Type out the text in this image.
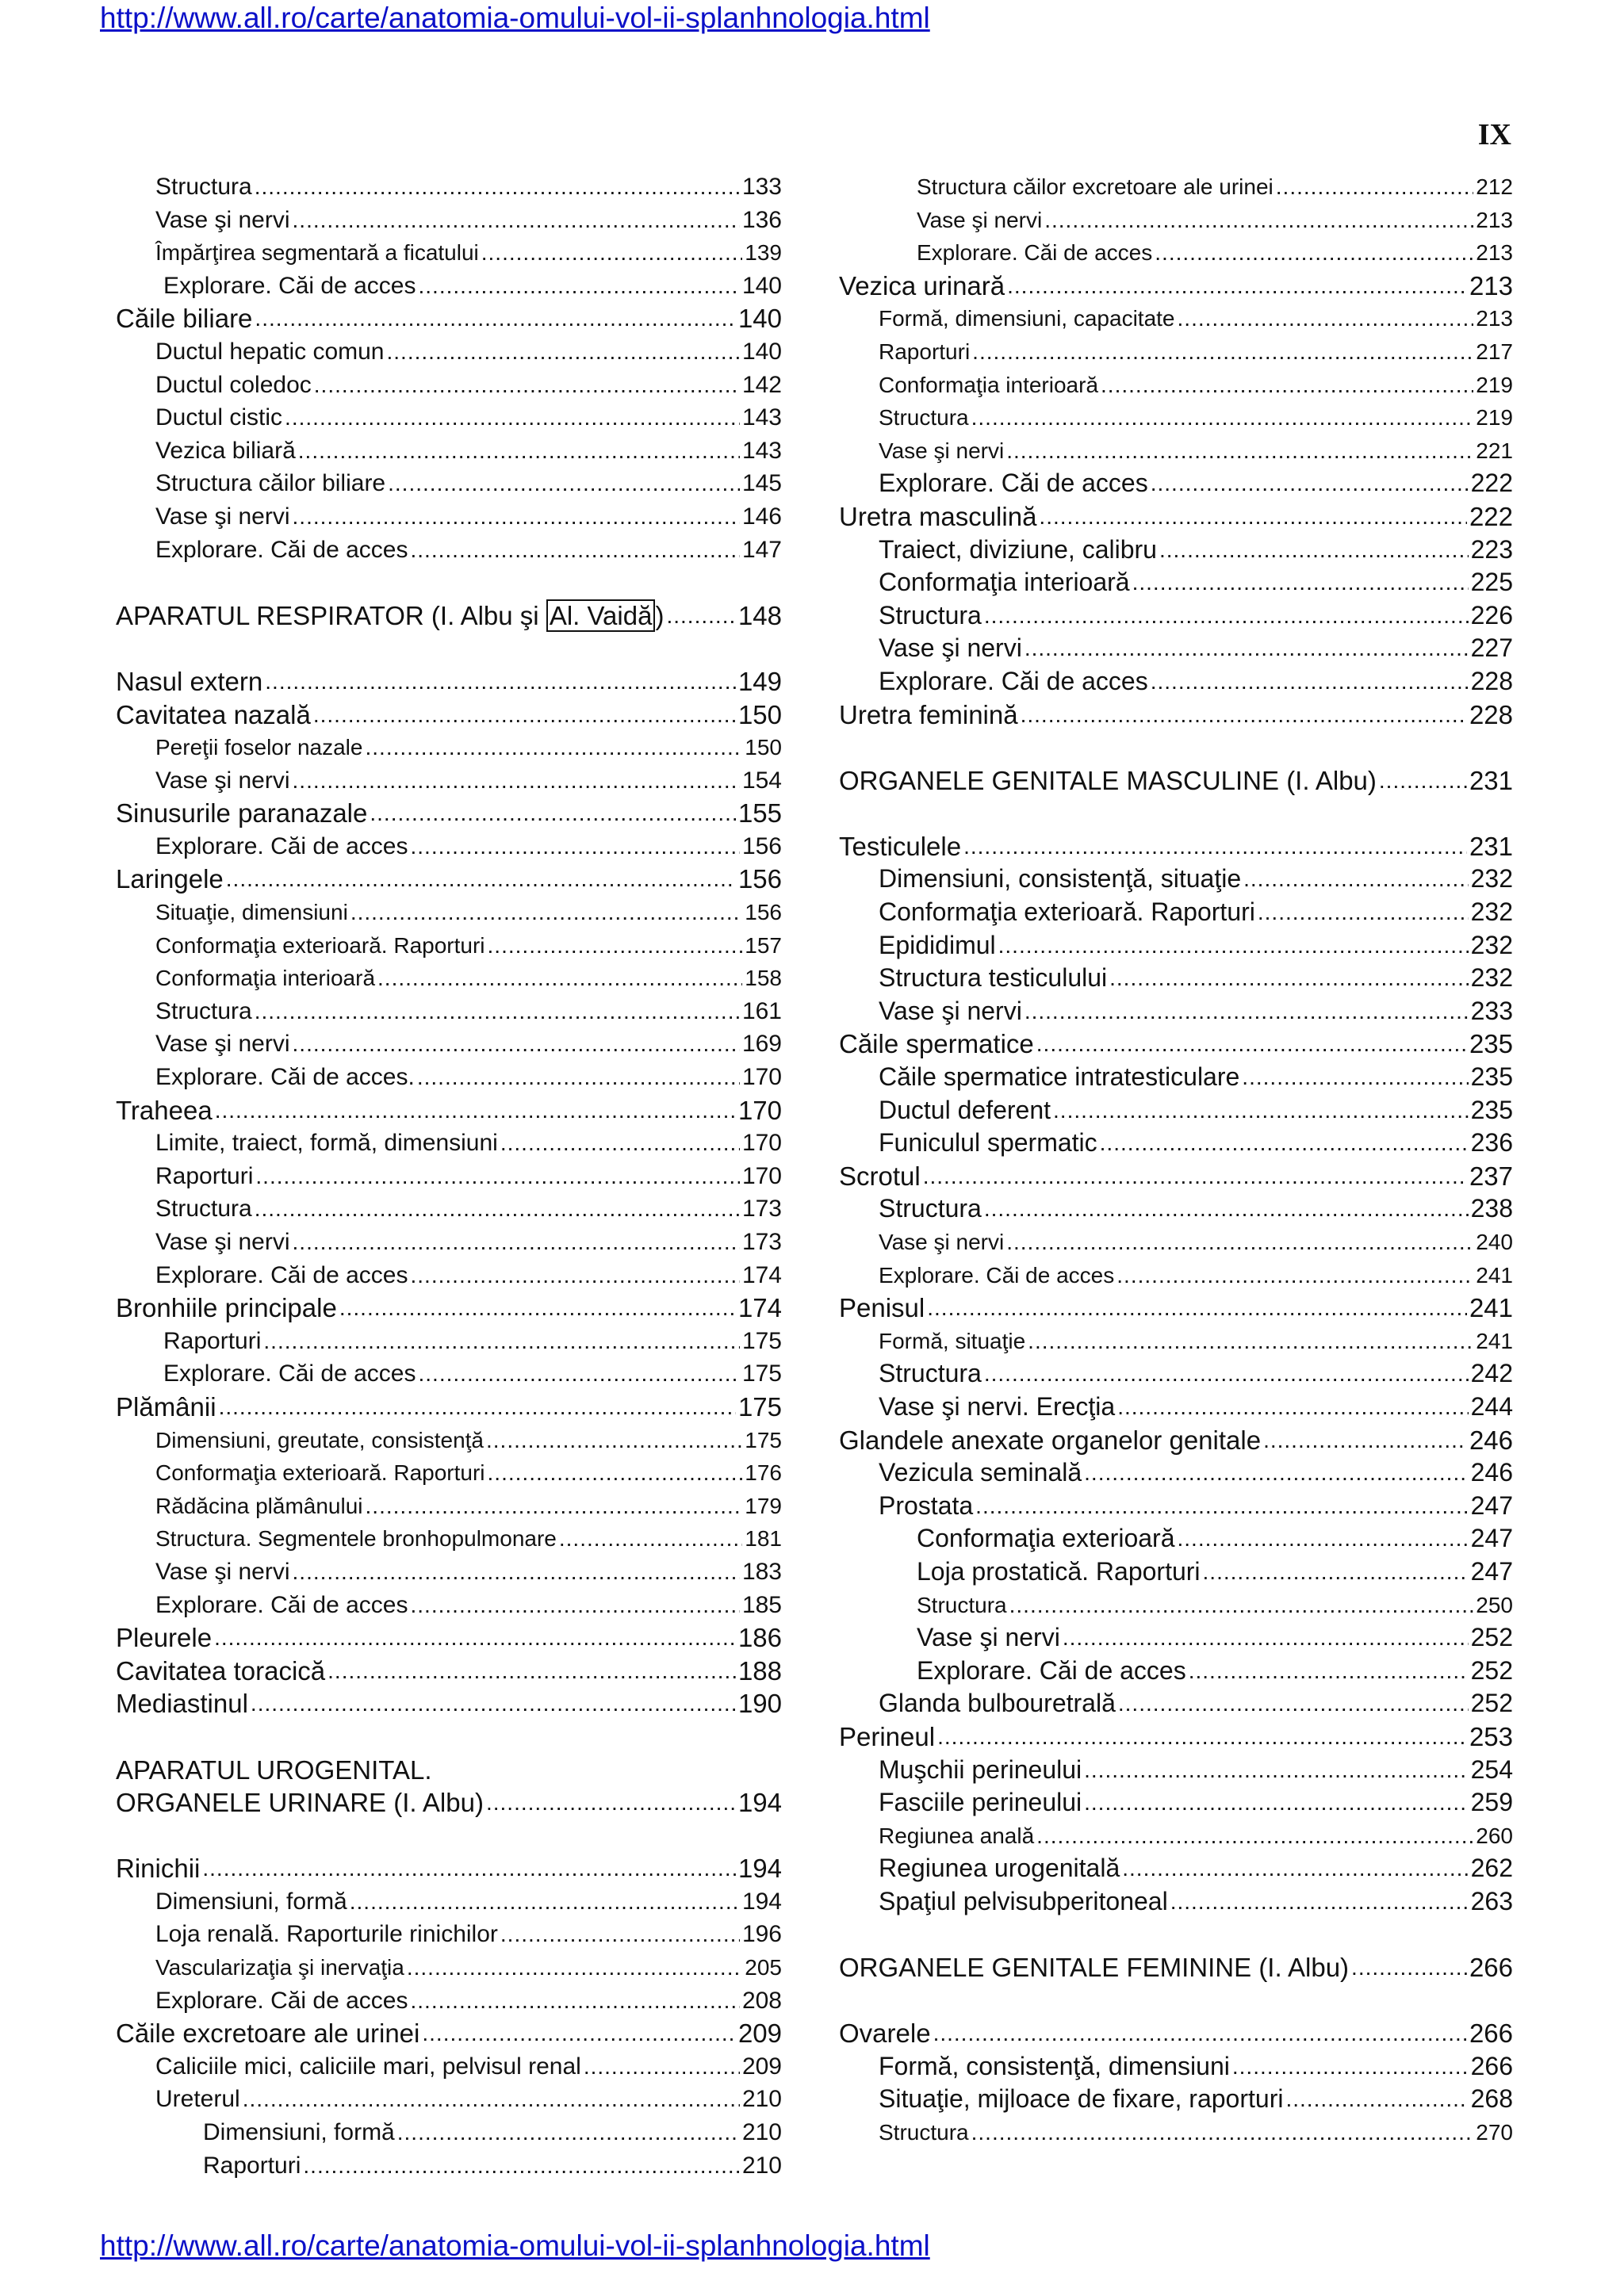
http://www.all.ro/carte/anatomia-omului-vol-ii-splanhnologia.html
IX
Structura .....	133
Vase şi nervi .....	136
Împărţirea segmentară a ficatului .....	139
Explorare. Căi de acces .....	140
Căile biliare .....	140
Ductul hepatic comun .....	140
Ductul coledoc .....	142
Ductul cistic .....	143
Vezica biliară .....	143
Structura căilor biliare .....	145
Vase şi nervi .....	146
Explorare. Căi de acces .....	147
APARATUL RESPIRATOR (I. Albu şi Al. Vaidă ) .....	148
Nasul extern .....	149
Cavitatea nazală .....	150
Pereţii foselor nazale .....	150
Vase şi nervi .....	154
Sinusurile paranazale .....	155
Explorare. Căi de acces .....	156
Laringele .....	156
Situaţie, dimensiuni .....	156
Conformaţia exterioară. Raporturi .....	157
Conformaţia interioară .....	158
Structura .....	161
Vase şi nervi .....	169
Explorare. Căi de acces. .....	170
Traheea .....	170
Limite, traiect, formă, dimensiuni .....	170
Raporturi .....	170
Structura .....	173
Vase şi nervi .....	173
Explorare. Căi de acces .....	174
Bronhiile principale .....	174
Raporturi .....	175
Explorare. Căi de acces .....	175
Plămânii .....	175
Dimensiuni, greutate, consistenţă .....	175
Conformaţia exterioară. Raporturi .....	176
Rădăcina plămânului .....	179
Structura. Segmentele bronhopulmonare .....	181
Vase şi nervi .....	183
Explorare. Căi de acces .....	185
Pleurele .....	186
Cavitatea toracică .....	188
Mediastinul .....	190
APARATUL UROGENITAL.
ORGANELE URINARE (I. Albu) .....	194
Rinichii .....	194
Dimensiuni, formă .....	194
Loja renală. Raporturile rinichilor .....	196
Vascularizaţia şi inervaţia .....	205
Explorare. Căi de acces .....	208
Căile excretoare ale urinei .....	209
Caliciile mici, caliciile mari, pelvisul renal .....	209
Ureterul .....	210
Dimensiuni, formă .....	210
Raporturi .....	210
Structura căilor excretoare ale urinei .....	212
Vase şi nervi .....	213
Explorare. Căi de acces .....	213
Vezica urinară .....	213
Formă, dimensiuni, capacitate .....	213
Raporturi .....	217
Conformaţia interioară .....	219
Structura .....	219
Vase şi nervi .....	221
Explorare. Căi de acces .....	222
Uretra masculină .....	222
Traiect, diviziune, calibru .....	223
Conformaţia interioară .....	225
Structura .....	226
Vase şi nervi .....	227
Explorare. Căi de acces .....	228
Uretra feminină .....	228
ORGANELE GENITALE MASCULINE (I. Albu) .....	231
Testiculele .....	231
Dimensiuni, consistenţă, situaţie .....	232
Conformaţia exterioară. Raporturi .....	232
Epididimul .....	232
Structura testiculului .....	232
Vase şi nervi .....	233
Căile spermatice .....	235
Căile spermatice intratesticulare .....	235
Ductul deferent .....	235
Funiculul spermatic .....	236
Scrotul .....	237
Structura .....	238
Vase şi nervi .....	240
Explorare. Căi de acces .....	241
Penisul .....	241
Formă, situaţie .....	241
Structura .....	242
Vase şi nervi. Erecţia .....	244
Glandele anexate organelor genitale .....	246
Vezicula seminală .....	246
Prostata .....	247
Conformaţia exterioară .....	247
Loja prostatică. Raporturi .....	247
Structura .....	250
Vase şi nervi .....	252
Explorare. Căi de acces .....	252
Glanda bulbouretrală .....	252
Perineul .....	253
Muşchii perineului .....	254
Fasciile perineului .....	259
Regiunea anală .....	260
Regiunea urogenitală .....	262
Spaţiul pelvisubperitoneal .....	263
ORGANELE GENITALE FEMININE (I. Albu) .....	266
Ovarele .....	266
Formă, consistenţă, dimensiuni .....	266
Situaţie, mijloace de fixare, raporturi .....	268
Structura .....	270
http://www.all.ro/carte/anatomia-omului-vol-ii-splanhnologia.html
